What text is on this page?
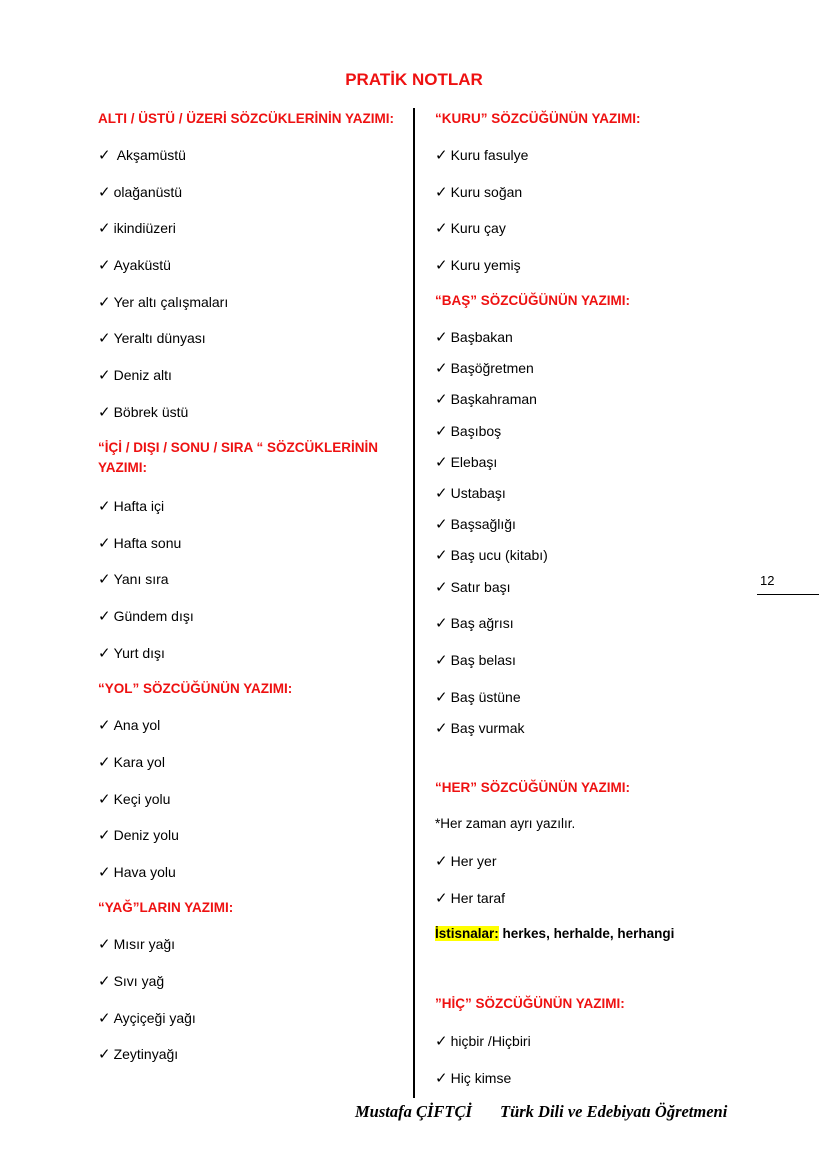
PRATİK NOTLAR
12
ALTI / ÜSTÜ / ÜZERİ SÖZCÜKLERİNİN YAZIMI:
✓ Akşamüstü
✓ olağanüstü
✓ ikindiüzeri
✓ Ayaküstü
✓ Yer altı çalışmaları
✓ Yeraltı dünyası
✓ Deniz altı
✓ Böbrek üstü
“İÇİ / DIŞI / SONU / SIRA “ SÖZCÜKLERİNİN YAZIMI:
✓ Hafta içi
✓ Hafta sonu
✓ Yanı sıra
✓ Gündem dışı
✓ Yurt dışı
“YOL” SÖZCÜĞÜNÜN YAZIMI:
✓ Ana yol
✓ Kara yol
✓ Keçi yolu
✓ Deniz yolu
✓ Hava yolu
“YAĞ”LARIN YAZIMI:
✓ Mısır yağı
✓ Sıvı yağ
✓ Ayçiçeği yağı
✓ Zeytinyağı
“KURU” SÖZCÜĞÜNÜN YAZIMI:
✓ Kuru fasulye
✓ Kuru soğan
✓ Kuru çay
✓ Kuru yemiş
“BAŞ” SÖZCÜĞÜNÜN YAZIMI:
✓ Başbakan
✓ Başöğretmen
✓ Başkahraman
✓ Başıboş
✓ Elebaşı
✓ Ustabaşı
✓ Başsağlığı
✓ Baş ucu (kitabı)
✓ Satır başı
✓ Baş ağrısı
✓ Baş belası
✓ Baş üstüne
✓ Baş vurmak
“HER” SÖZCÜĞÜNÜN YAZIMI:
*Her zaman ayrı yazılır.
✓ Her yer
✓ Her taraf
İstisnalar: herkes, herhalde, herhangi
”HİÇ” SÖZCÜĞÜNÜN YAZIMI:
✓ hiçbir /Hiçbiri
✓ Hiç kimse
Mustafa ÇİFTÇİ Türk Dili ve Edebiyatı Öğretmeni
